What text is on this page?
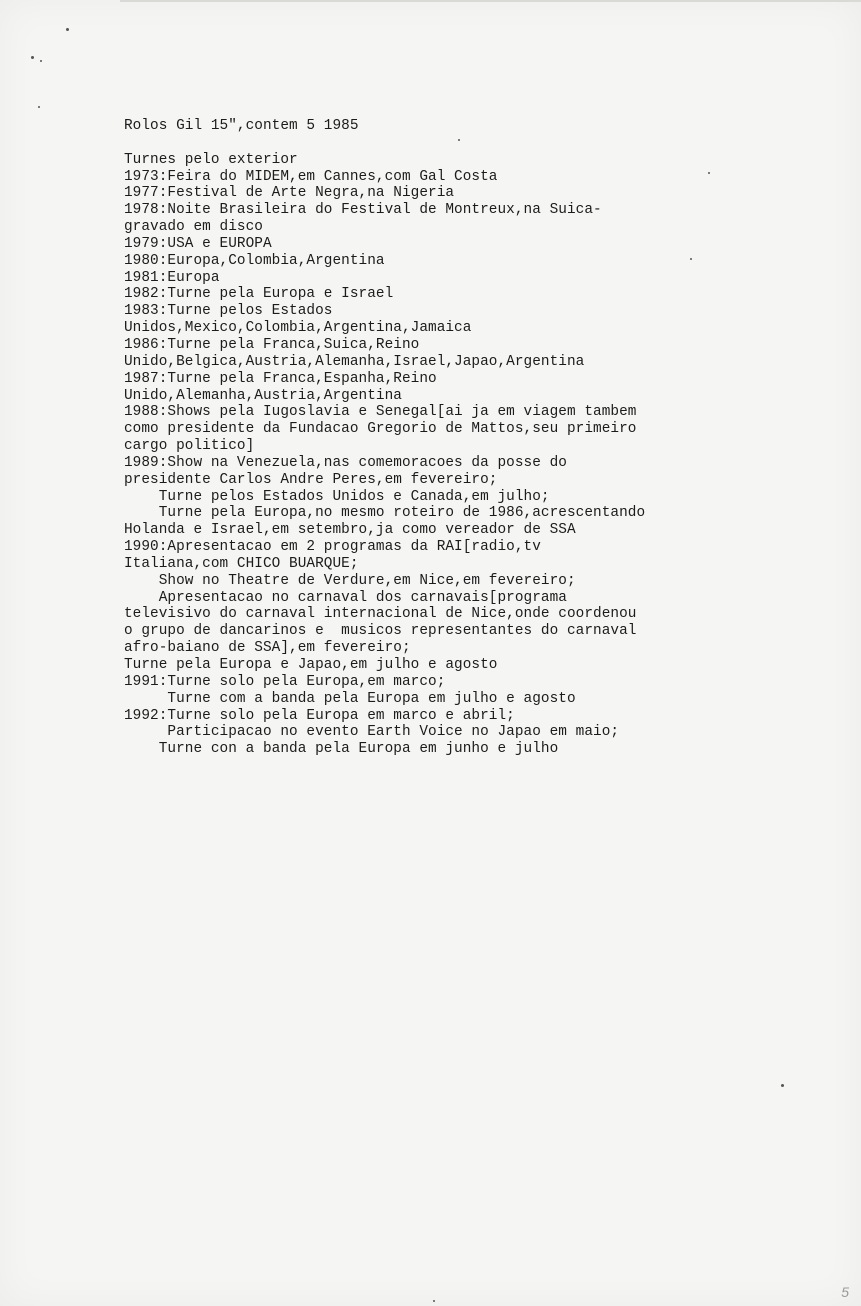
Rolos Gil 15",contem 5 1985
Turnes pelo exterior
1973:Feira do MIDEM,em Cannes,com Gal Costa
1977:Festival de Arte Negra,na Nigeria
1978:Noite Brasileira do Festival de Montreux,na Suica-
gravado em disco
1979:USA e EUROPA
1980:Europa,Colombia,Argentina
1981:Europa
1982:Turne pela Europa e Israel
1983:Turne pelos Estados
Unidos,Mexico,Colombia,Argentina,Jamaica
1986:Turne pela Franca,Suica,Reino
Unido,Belgica,Austria,Alemanha,Israel,Japao,Argentina
1987:Turne pela Franca,Espanha,Reino
Unido,Alemanha,Austria,Argentina
1988:Shows pela Iugoslavia e Senegal[ai ja em viagem tambem
como presidente da Fundacao Gregorio de Mattos,seu primeiro
cargo politico]
1989:Show na Venezuela,nas comemoracoes da posse do
presidente Carlos Andre Peres,em fevereiro;
Turne pelos Estados Unidos e Canada,em julho;
Turne pela Europa,no mesmo roteiro de 1986,acrescentando
Holanda e Israel,em setembro,ja como vereador de SSA
1990:Apresentacao em 2 programas da RAI[radio,tv
Italiana,com CHICO BUARQUE;
Show no Theatre de Verdure,em Nice,em fevereiro;
Apresentacao no carnaval dos carnavais[programa
televisivo do carnaval internacional de Nice,onde coordenou
o grupo de dancarinos e  musicos representantes do carnaval
afro-baiano de SSA],em fevereiro;
Turne pela Europa e Japao,em julho e agosto
1991:Turne solo pela Europa,em marco;
Turne com a banda pela Europa em julho e agosto
1992:Turne solo pela Europa em marco e abril;
Participacao no evento Earth Voice no Japao em maio;
Turne con a banda pela Europa em junho e julho
5
